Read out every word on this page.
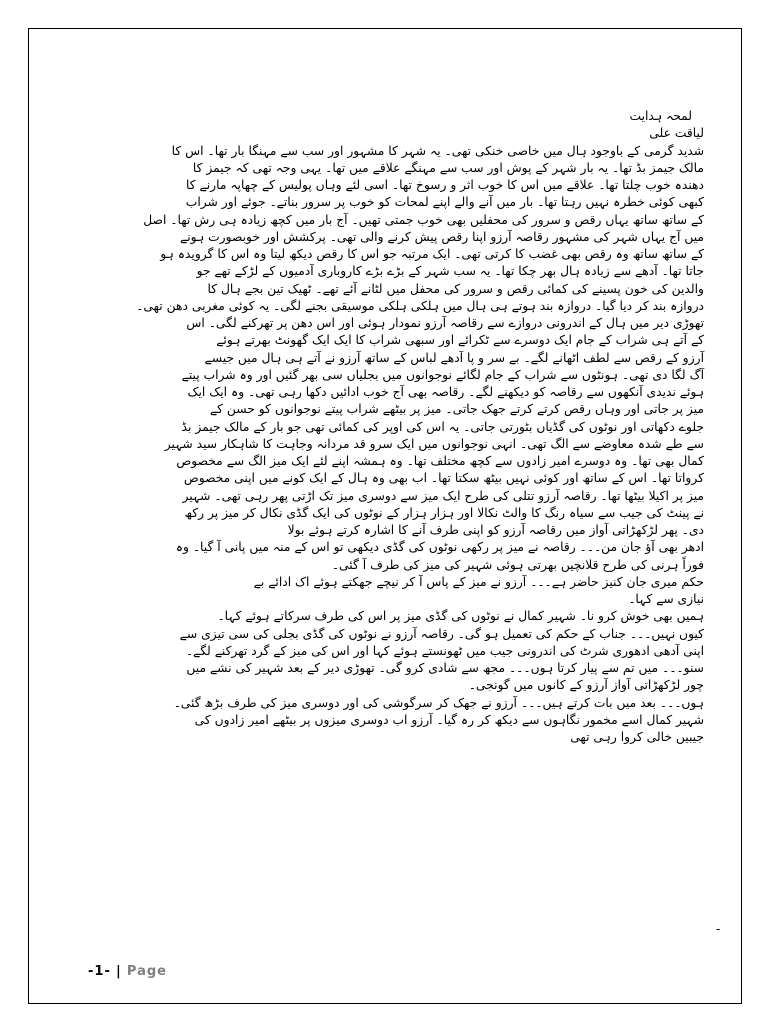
لمحہ ہدایت
لیاقت علی
شدید گرمی کے باوجود ہال میں خاصی خنکی تھی۔ یہ شہر کا مشہور اور سب سے مہنگا بار تھا۔ اس کا
مالک جیمز بڈ تھا۔ یہ بار شہر کے پوش اور سب سے مہنگے علاقے میں تھا۔ یہی وجہ تھی کہ جیمز کا
دھندہ خوب چلتا تھا۔ علاقے میں اس کا خوب اثر و رسوخ تھا۔ اسی لئے وہاں پولیس کے چھاپہ مارنے کا
کبھی کوئی خطرہ نہیں رہتا تھا۔ بار میں آنے والے اپنے لمحات کو خوب پر سرور بناتے۔ جوئے اور شراب
کے ساتھ ساتھ یہاں رقص و سرور کی محفلیں بھی خوب جمتی تھیں۔ آج بار میں کچھ زیادہ ہی رش تھا۔ اصل
میں آج یہاں شہر کی مشہور رقاصہ آرزو اپنا رقص پیش کرنے والی تھی۔ پرکشش اور خوبصورت ہونے
کے ساتھ ساتھ وہ رقص بھی غضب کا کرتی تھی۔ ایک مرتبہ جو اس کا رقص دیکھ لیتا وہ اس کا گرویدہ ہو
جاتا تھا۔ آدھے سے زیادہ ہال بھر چکا تھا۔ یہ سب شہر کے بڑے بڑے کاروباری آدمیوں کے لڑکے تھے جو
والدین کی خون پسینے کی کمائی رقص و سرور کی محفل میں لٹانے آئے تھے۔ ٹھیک تین بجے ہال کا
دروازہ بند کر دیا گیا۔ دروازہ بند ہوتے ہی ہال میں ہلکی ہلکی موسیقی بجنے لگی۔ یہ کوئی مغربی دھن تھی۔
تھوڑی دیر میں ہال کے اندرونی دروازے سے رقاصہ آرزو نمودار ہوئی اور اس دھن پر تھرکنے لگی۔ اس
کے آتے ہی شراب کے جام ایک دوسرے سے ٹکرائے اور سبھی شراب کا ایک ایک گھونٹ بھرتے ہوئے
آرزو کے رقص سے لطف اٹھانے لگے۔ بے سر و پا آدھے لباس کے ساتھ آرزو نے آتے ہی ہال میں جیسے
آگ لگا دی تھی۔ ہونٹوں سے شراب کے جام لگائے نوجوانوں میں بجلیاں سی بھر گئیں اور وہ شراب پیتے
ہوئے ندیدی آنکھوں سے رقاصہ کو دیکھنے لگے۔ رقاصہ بھی آج خوب ادائیں دکھا رہی تھی۔ وہ ایک ایک
میز پر جاتی اور وہاں رقص کرتے کرتے جھک جاتی۔ میز پر بیٹھے شراب پیتے نوجوانوں کو حسن کے
جلوے دکھاتی اور نوٹوں کی گڈیاں بٹورتی جاتی۔ یہ اس کی اوپر کی کمائی تھی جو بار کے مالک جیمز بڈ
سے طے شدہ معاوضے سے الگ تھی۔ انہی نوجوانوں میں ایک سرو قد مردانہ وجاہت کا شاہکار سید شہیر
کمال بھی تھا۔ وہ دوسرے امیر زادوں سے کچھ مختلف تھا۔ وہ ہمشہ اپنے لئے ایک میز الگ سے مخصوص
کرواتا تھا۔ اس کے ساتھ اور کوئی نہیں بیٹھ سکتا تھا۔ اب بھی وہ ہال کے ایک کونے میں اپنی مخصوص
میز پر اکیلا بیٹھا تھا۔ رقاصہ آرزو تتلی کی طرح ایک میز سے دوسری میز تک اڑتی پھر رہی تھی۔ شہیر
نے پینٹ کی جیب سے سیاہ رنگ کا والٹ نکالا اور ہزار ہزار کے نوٹوں کی ایک گڈی نکال کر میز پر رکھ
دی۔ پھر لڑکھڑاتی آواز میں رقاصہ آرزو کو اپنی طرف آنے کا اشارہ کرتے ہوئے بولا
ادھر بھی آؤ جان من۔۔۔ رقاصہ نے میز پر رکھی نوٹوں کی گڈی دیکھی تو اس کے منہ میں پانی آ گیا۔ وہ
فوراً ہرنی کی طرح قلانچیں بھرتی ہوئی شہیر کی میز کی طرف آ گئی۔
حکم میری جان کنیز حاضر ہے۔۔۔ آرزو نے میز کے پاس آ کر نیچے جھکتے ہوئے اک ادائے بے
نیازی سے کہا۔
ہمیں بھی خوش کرو نا۔ شہیر کمال نے نوٹوں کی گڈی میز پر اس کی طرف سرکاتے ہوئے کہا۔
کیوں نہیں۔۔۔ جناب کے حکم کی تعمیل ہو گی۔ رقاصہ آرزو نے نوٹوں کی گڈی بجلی کی سی تیزی سے
اپنی آدھی ادھوری شرٹ کی اندرونی جیب میں ٹھونستے ہوئے کہا اور اس کی میز کے گرد تھرکنے لگے۔
سنو۔۔۔ میں تم سے پیار کرتا ہوں۔۔۔ مجھ سے شادی کرو گی۔ تھوڑی دیر کے بعد شہیر کی نشے میں
چور لڑکھڑاتی آواز آرزو کے کانوں میں گونجی۔
ہوں۔۔۔ بعد میں بات کرتے ہیں۔۔۔ آرزو نے جھک کر سرگوشی کی اور دوسری میز کی طرف بڑھ گئی۔
شہیر کمال اسے مخمور نگاہوں سے دیکھ کر رہ گیا۔ آرزو اب دوسری میزوں پر بیٹھے امیر زادوں کی
جیبیں خالی کروا رہی تھی
-
-1- | Page
